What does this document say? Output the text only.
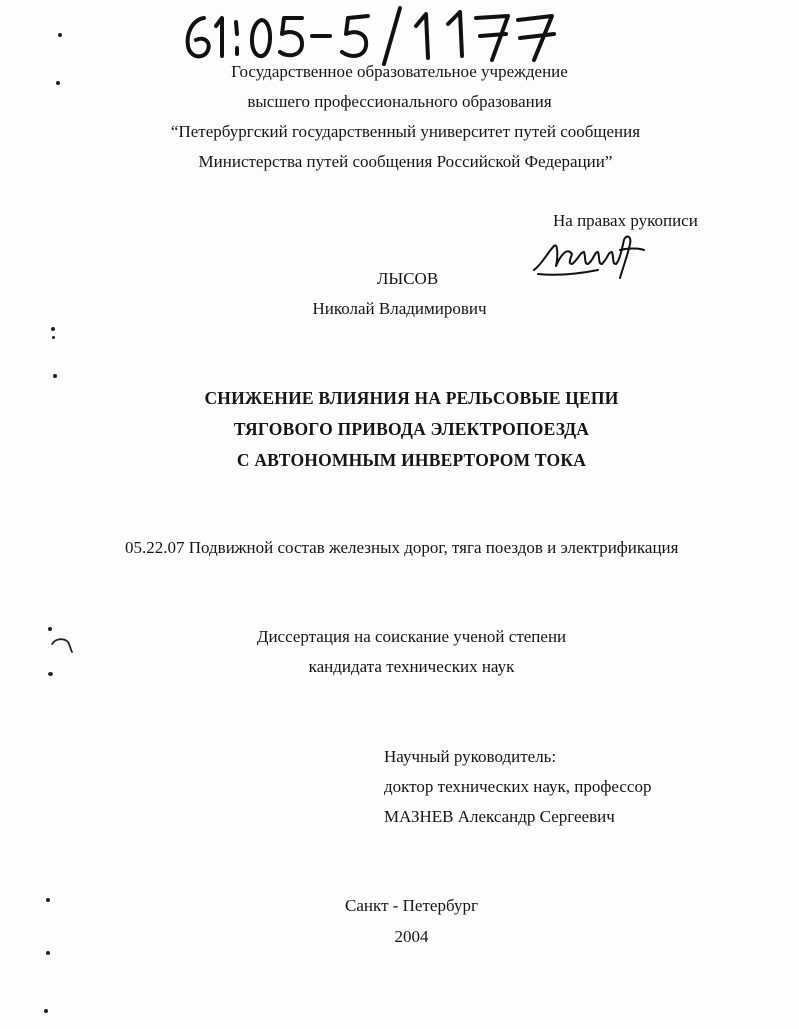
Государственное образовательное учреждение
высшего профессионального образования
“Петербургский государственный университет путей сообщения
Министерства путей сообщения Российской Федерации”
На правах рукописи
ЛЫСОВ
Николай Владимирович
СНИЖЕНИЕ ВЛИЯНИЯ НА РЕЛЬСОВЫЕ ЦЕПИ
ТЯГОВОГО ПРИВОДА ЭЛЕКТРОПОЕЗДА
С АВТОНОМНЫМ ИНВЕРТОРОМ ТОКА
05.22.07 Подвижной состав железных дорог, тяга поездов и электрификация
Диссертация на соискание ученой степени
кандидата технических наук
Научный руководитель:
доктор технических наук, профессор
МАЗНЕВ Александр Сергеевич
Санкт - Петербург
2004
